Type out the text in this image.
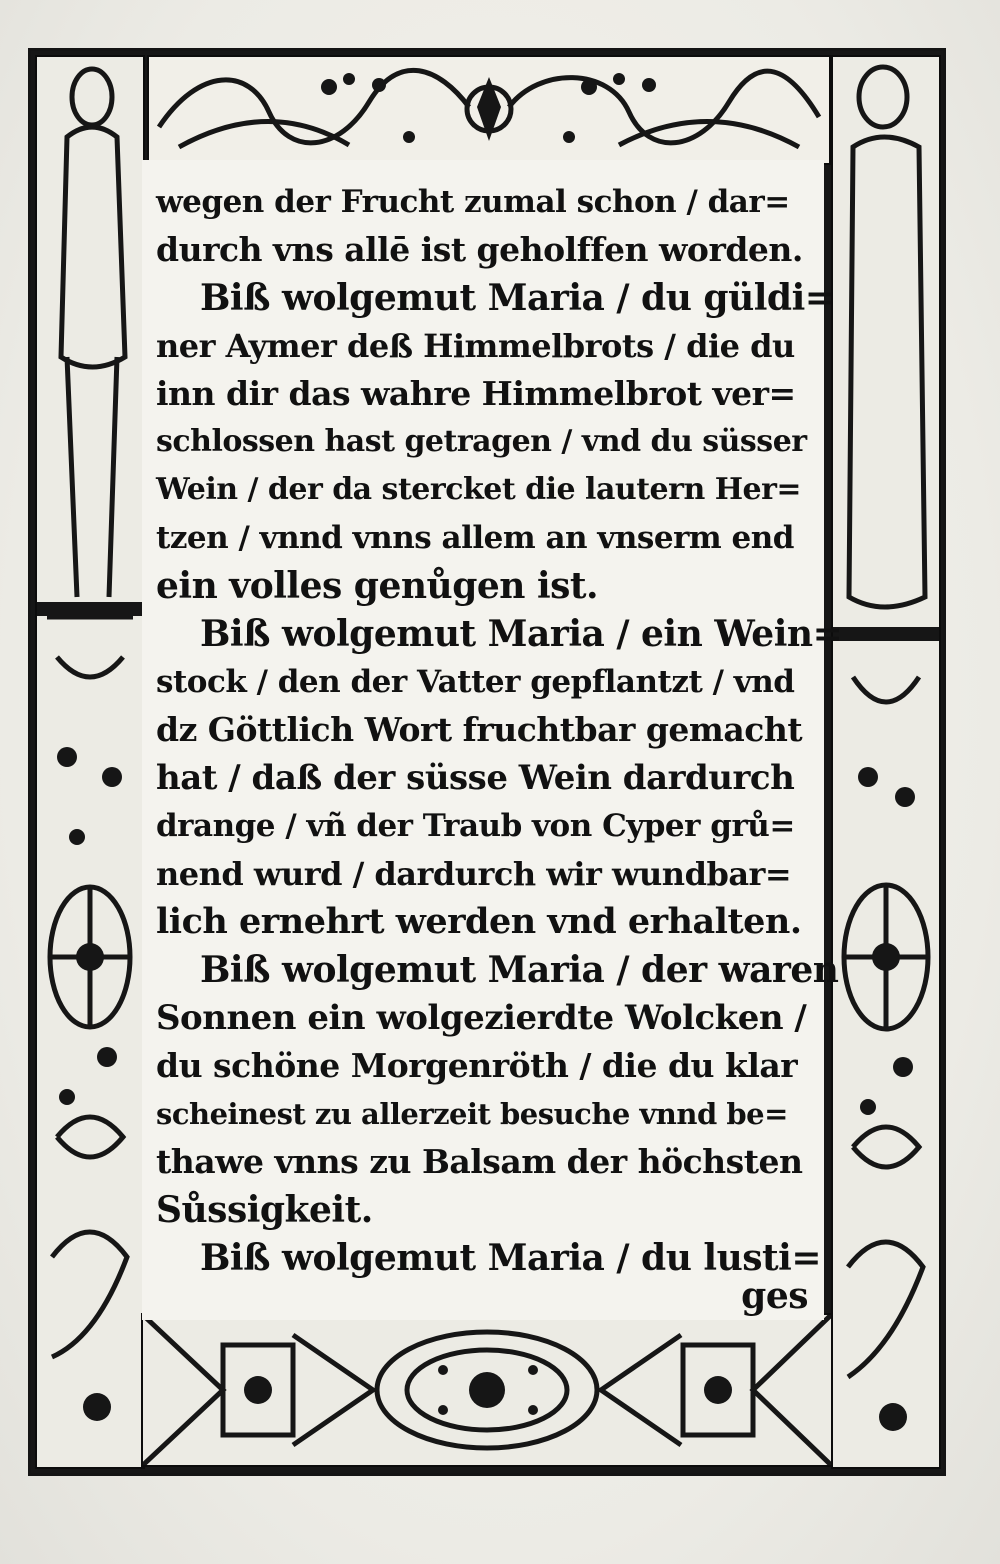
wegen der Frucht zumal schon / dar=
durch vns allē ist geholffen worden.
Biß wolgemut Maria / du güldi=
ner Aymer deß Himmelbrots / die du
inn dir das wahre Himmelbrot ver=
schlossen hast getragen / vnd du süsser
Wein / der da stercket die lautern Her=
tzen / vnnd vnns allem an vnserm end
ein volles genůgen ist.
Biß wolgemut Maria / ein Wein=
stock / den der Vatter gepflantzt / vnd
dz Göttlich Wort fruchtbar gemacht
hat / daß der süsse Wein dardurch
drange / vñ der Traub von Cyper grů=
nend wurd / dardurch wir wundbar=
lich ernehrt werden vnd erhalten.
Biß wolgemut Maria / der waren
Sonnen ein wolgezierdte Wolcken /
du schöne Morgenröth / die du klar
scheinest zu allerzeit besuche vnnd be=
thawe vnns zu Balsam der höchsten
Sůssigkeit.
Biß wolgemut Maria / du lusti=
ges
